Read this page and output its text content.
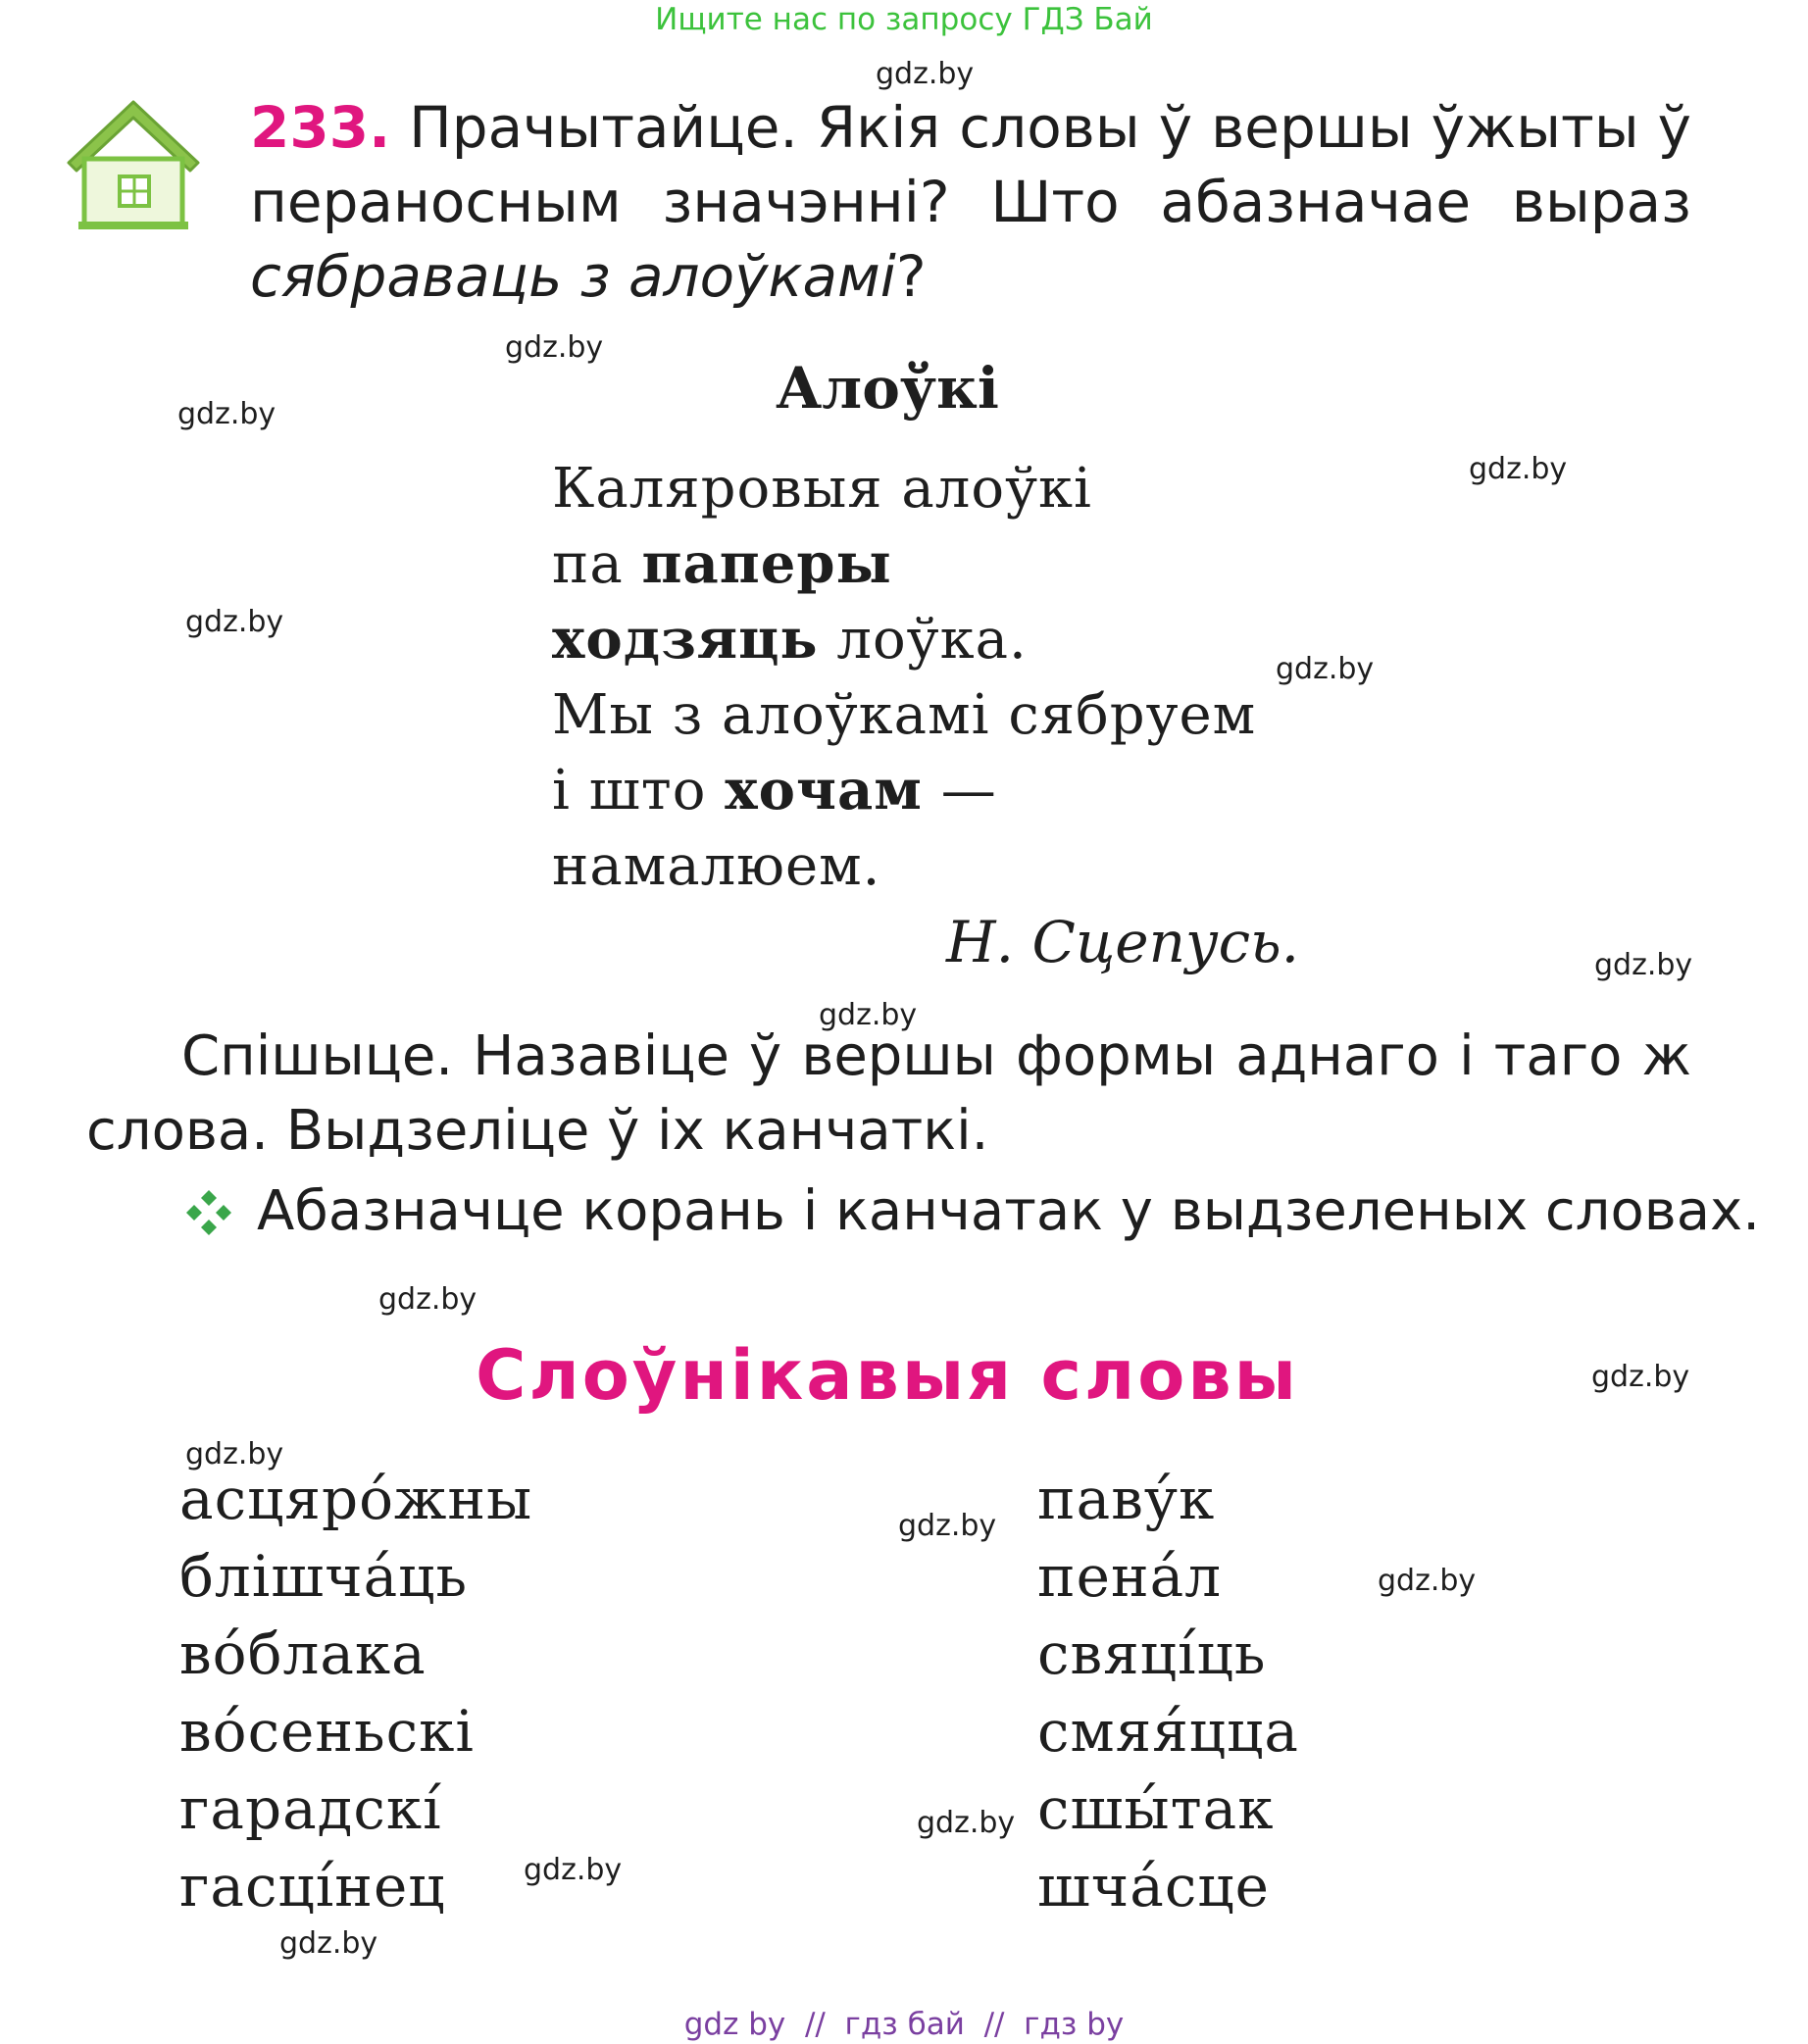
Ищите нас по запросу ГДЗ Бай
gdz.by
gdz.by
gdz.by
gdz.by
gdz.by
gdz.by
gdz.by
gdz.by
gdz.by
gdz.by
gdz.by
gdz.by
gdz.by
gdz.by
gdz.by
gdz.by
233. Прачытайце. Якія словы ў вершы ўжыты ў пераносным значэнні? Што абазначае выраз сябраваць з алоўкамі?
Алоўкі
Каляровыя алоўкі
па паперы
ходзяць лоўка.
Мы з алоўкамі сябруем
і што хочам —
намалюем.
Н. Сцепусь.
Спішыце. Назавіце ў вершы формы аднаго і таго ж слова. Выдзеліце ў іх канчаткі.
Абазначце корань і канчатак у выдзеленых словах.
Слоўнікавыя словы
асцяро́жны
блішча́ць
во́блака
во́сеньскі
гарадскí
гасцíнец
паву́к
пена́л
свяцíць
смяя́цца
сшы́так
шча́сце
gdz by  //  гдз бай  //  гдз by
